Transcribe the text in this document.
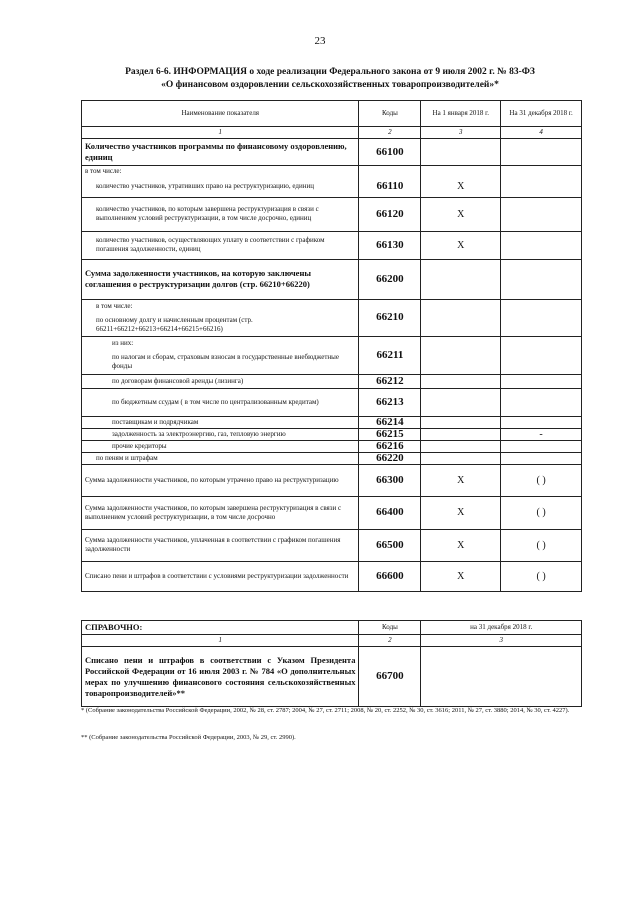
23
Раздел 6-6. ИНФОРМАЦИЯ о ходе реализации Федерального закона от 9 июля 2002 г. № 83-ФЗ
«О финансовом оздоровлении сельскохозяйственных товаропроизводителей»*
Наименование показателя	Коды	На 1 января 2018 г.	На 31 декабря 2018 г.
1	2	3	4
Количество участников программы по финансовому оздоровлению, единиц	66100		
в том числе:			
количество участников, утративших право на реструктуризацию, единиц	66110	X	
количество участников, по которым завершена реструктуризация в связи с выполнением условий реструктуризации, в том числе досрочно, единиц	66120	X	
количество участников, осуществляющих уплату в соответствии с графиком погашения задолженности, единиц	66130	X	
Сумма задолженности участников, на которую заключены соглашения о реструктуризации долгов (стр. 66210+66220)	66200		

в том числе:
по основному долгу и начисленным процентам (стр. 66211+66212+66213+66214+66215+66216)	66210		

из них:
по налогам и сборам, страховым взносам в государственные внебюджетные фонды	66211		
по договорам финансовой аренды (лизинга)	66212		
по бюджетным ссудам ( в том числе по централизованным кредитам)	66213		
поставщикам и подрядчикам	66214		
задолженность за электроэнергию, газ, тепловую энергию	66215		-
прочие кредиторы	66216		
по пеням и штрафам	66220		
Сумма задолженности участников, по которым утрачено право на реструктуризацию	66300	X	( )
Сумма задолженности участников, по которым завершена реструктуризация в связи с выполнением условий реструктуризации, в том числе досрочно	66400	X	( )
Сумма задолженности участников, уплаченная в соответствии с графиком погашения задолженности	66500	X	( )
Списано пени и штрафов в соответствии с условиями реструктуризации задолженности	66600	X	( )
СПРАВОЧНО:	Коды	на 31 декабря 2018 г.
1	2	3
Списано пени и штрафов в соответствии с Указом Президента Российской Федерации от 16 июля 2003 г. № 784 «О дополнительных мерах по улучшению финансового состояния сельскохозяйственных товаропроизводителей»**	66700	
* (Собрание законодательства Российской Федерации, 2002, № 28, ст. 2787; 2004, № 27, ст. 2711; 2008, № 20, ст. 2252, № 30, ст. 3616; 2011, № 27, ст. 3880; 2014, № 30, ст. 4227).
** (Собрание законодательства Российской Федерации, 2003, № 29, ст. 2990).
